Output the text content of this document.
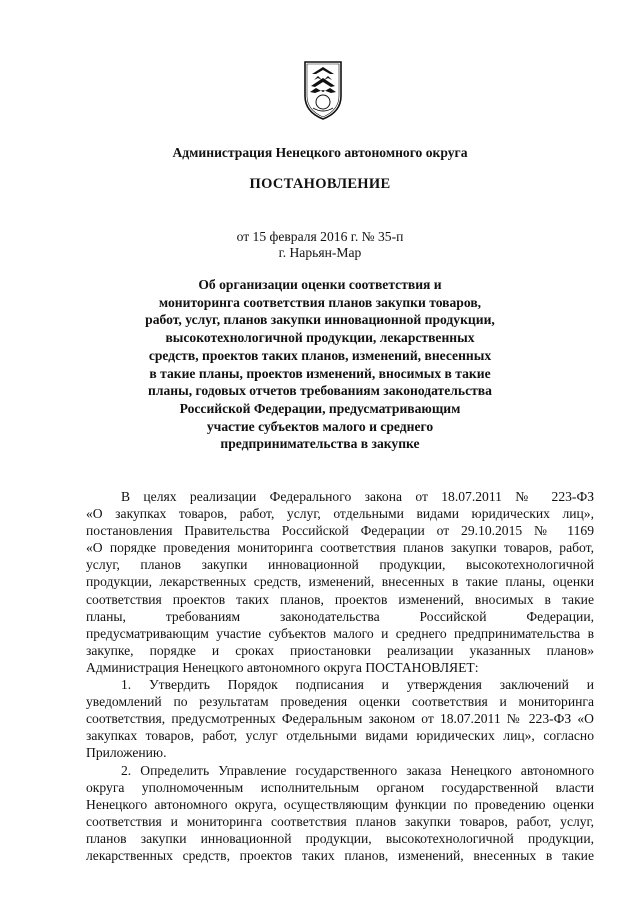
Администрация Ненецкого автономного округа
ПОСТАНОВЛЕНИЕ
от 15 февраля 2016 г. № 35-п
г. Нарьян-Мар
Об организации оценки соответствия и
мониторинга соответствия планов закупки товаров,
работ, услуг, планов закупки инновационной продукции,
высокотехнологичной продукции, лекарственных
средств, проектов таких планов, изменений, внесенных
в такие планы, проектов изменений, вносимых в такие
планы, годовых отчетов требованиям законодательства
Российской Федерации, предусматривающим
участие субъектов малого и среднего
предпринимательства в закупке
В целях реализации Федерального закона от 18.07.2011 № 223-ФЗ
«О закупках товаров, работ, услуг, отдельными видами юридических лиц»,
постановления Правительства Российской Федерации от 29.10.2015 № 1169
«О порядке проведения мониторинга соответствия планов закупки товаров, работ,
услуг, планов закупки инновационной продукции, высокотехнологичной
продукции, лекарственных средств, изменений, внесенных в такие планы, оценки
соответствия проектов таких планов, проектов изменений, вносимых в такие
планы, требованиям законодательства Российской Федерации,
предусматривающим участие субъектов малого и среднего предпринимательства в
закупке, порядке и сроках приостановки реализации указанных планов»
Администрация Ненецкого автономного округа ПОСТАНОВЛЯЕТ:
1. Утвердить Порядок подписания и утверждения заключений и
уведомлений по результатам проведения оценки соответствия и мониторинга
соответствия, предусмотренных Федеральным законом от 18.07.2011 № 223-ФЗ «О
закупках товаров, работ, услуг отдельными видами юридических лиц», согласно
Приложению.
2. Определить Управление государственного заказа Ненецкого автономного
округа уполномоченным исполнительным органом государственной власти
Ненецкого автономного округа, осуществляющим функции по проведению оценки
соответствия и мониторинга соответствия планов закупки товаров, работ, услуг,
планов закупки инновационной продукции, высокотехнологичной продукции,
лекарственных средств, проектов таких планов, изменений, внесенных в такие
